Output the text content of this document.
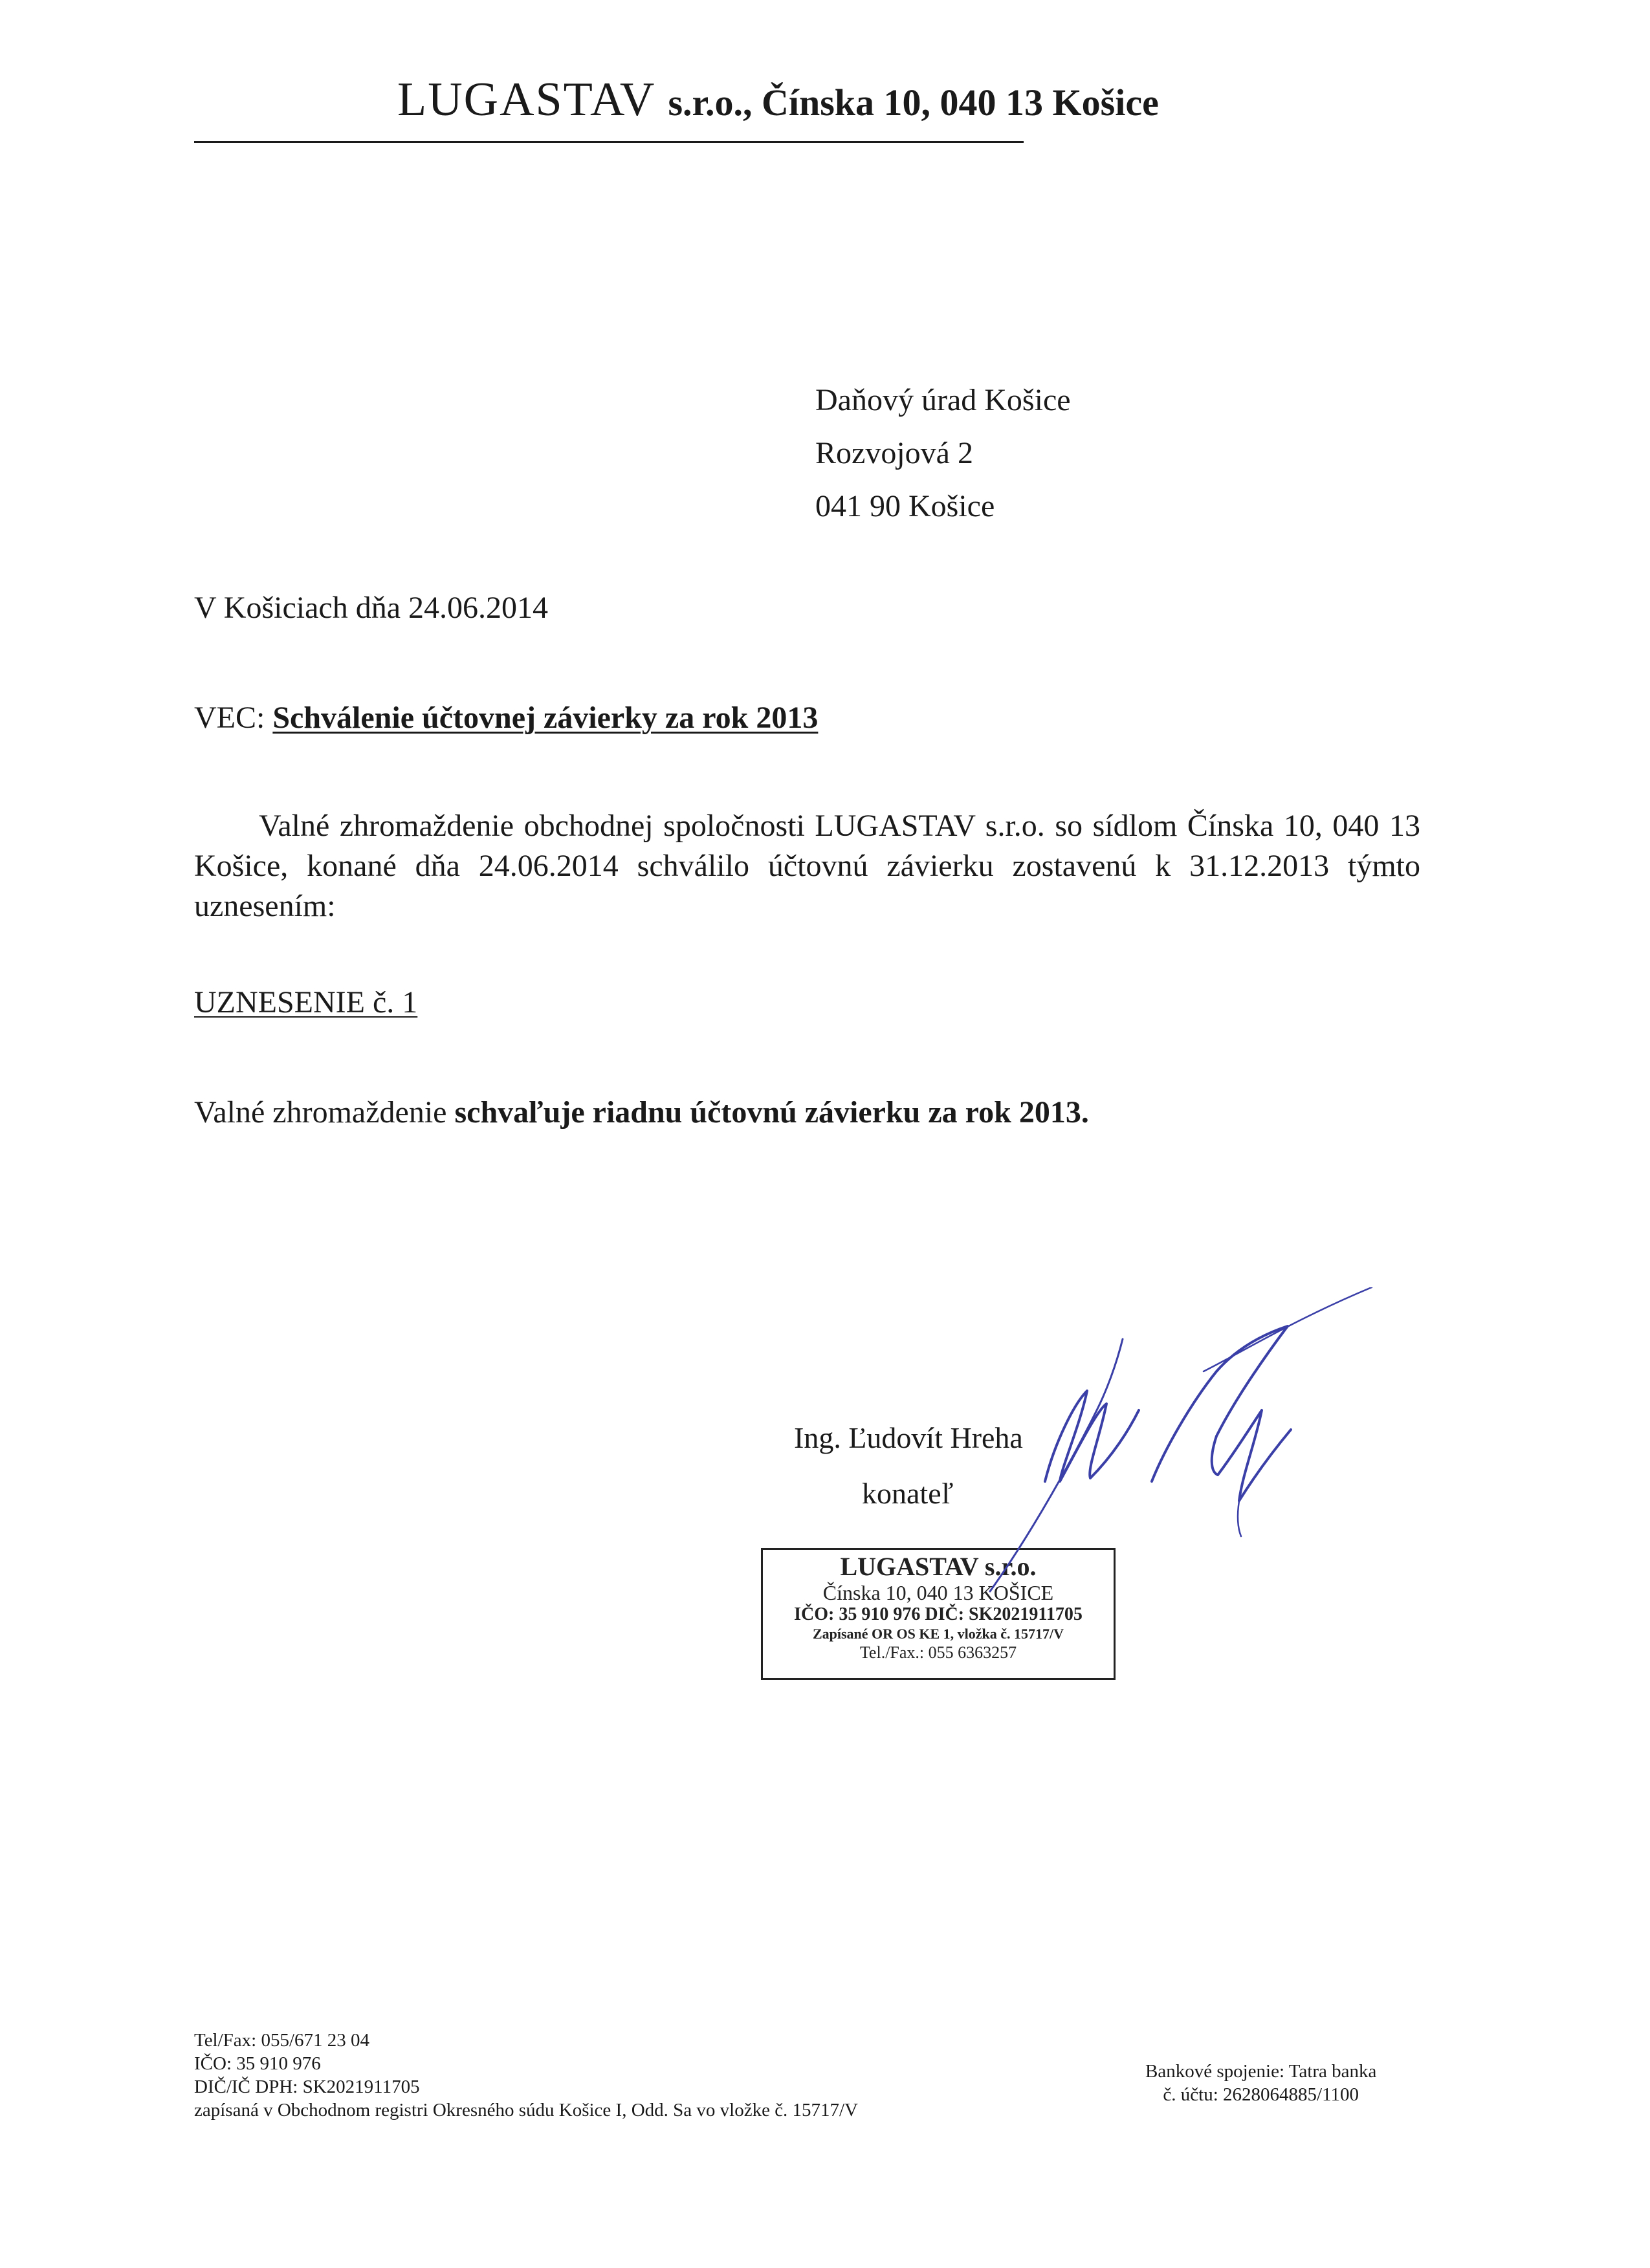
LUGASTAV s.r.o., Čínska 10, 040 13 Košice
Daňový úrad Košice
Rozvojová 2
041 90 Košice
V Košiciach dňa 24.06.2014
VEC: Schválenie účtovnej závierky za rok 2013
Valné zhromaždenie obchodnej spoločnosti LUGASTAV s.r.o. so sídlom Čínska 10, 040 13 Košice, konané dňa 24.06.2014 schválilo účtovnú závierku zostavenú k 31.12.2013 týmto uznesením:
UZNESENIE č. 1
Valné zhromaždenie schvaľuje riadnu účtovnú závierku za rok 2013.
Ing. Ľudovít Hreha
konateľ
LUGASTAV s.r.o.
Čínska 10, 040 13 KOŠICE
IČO: 35 910 976 DIČ: SK2021911705
Zapísané OR OS KE 1, vložka č. 15717/V
Tel./Fax.: 055 6363257
Tel/Fax: 055/671 23 04
IČO: 35 910 976
DIČ/IČ DPH: SK2021911705
zapísaná v Obchodnom registri Okresného súdu Košice I, Odd. Sa vo vložke č. 15717/V
Bankové spojenie: Tatra banka
č. účtu: 2628064885/1100
